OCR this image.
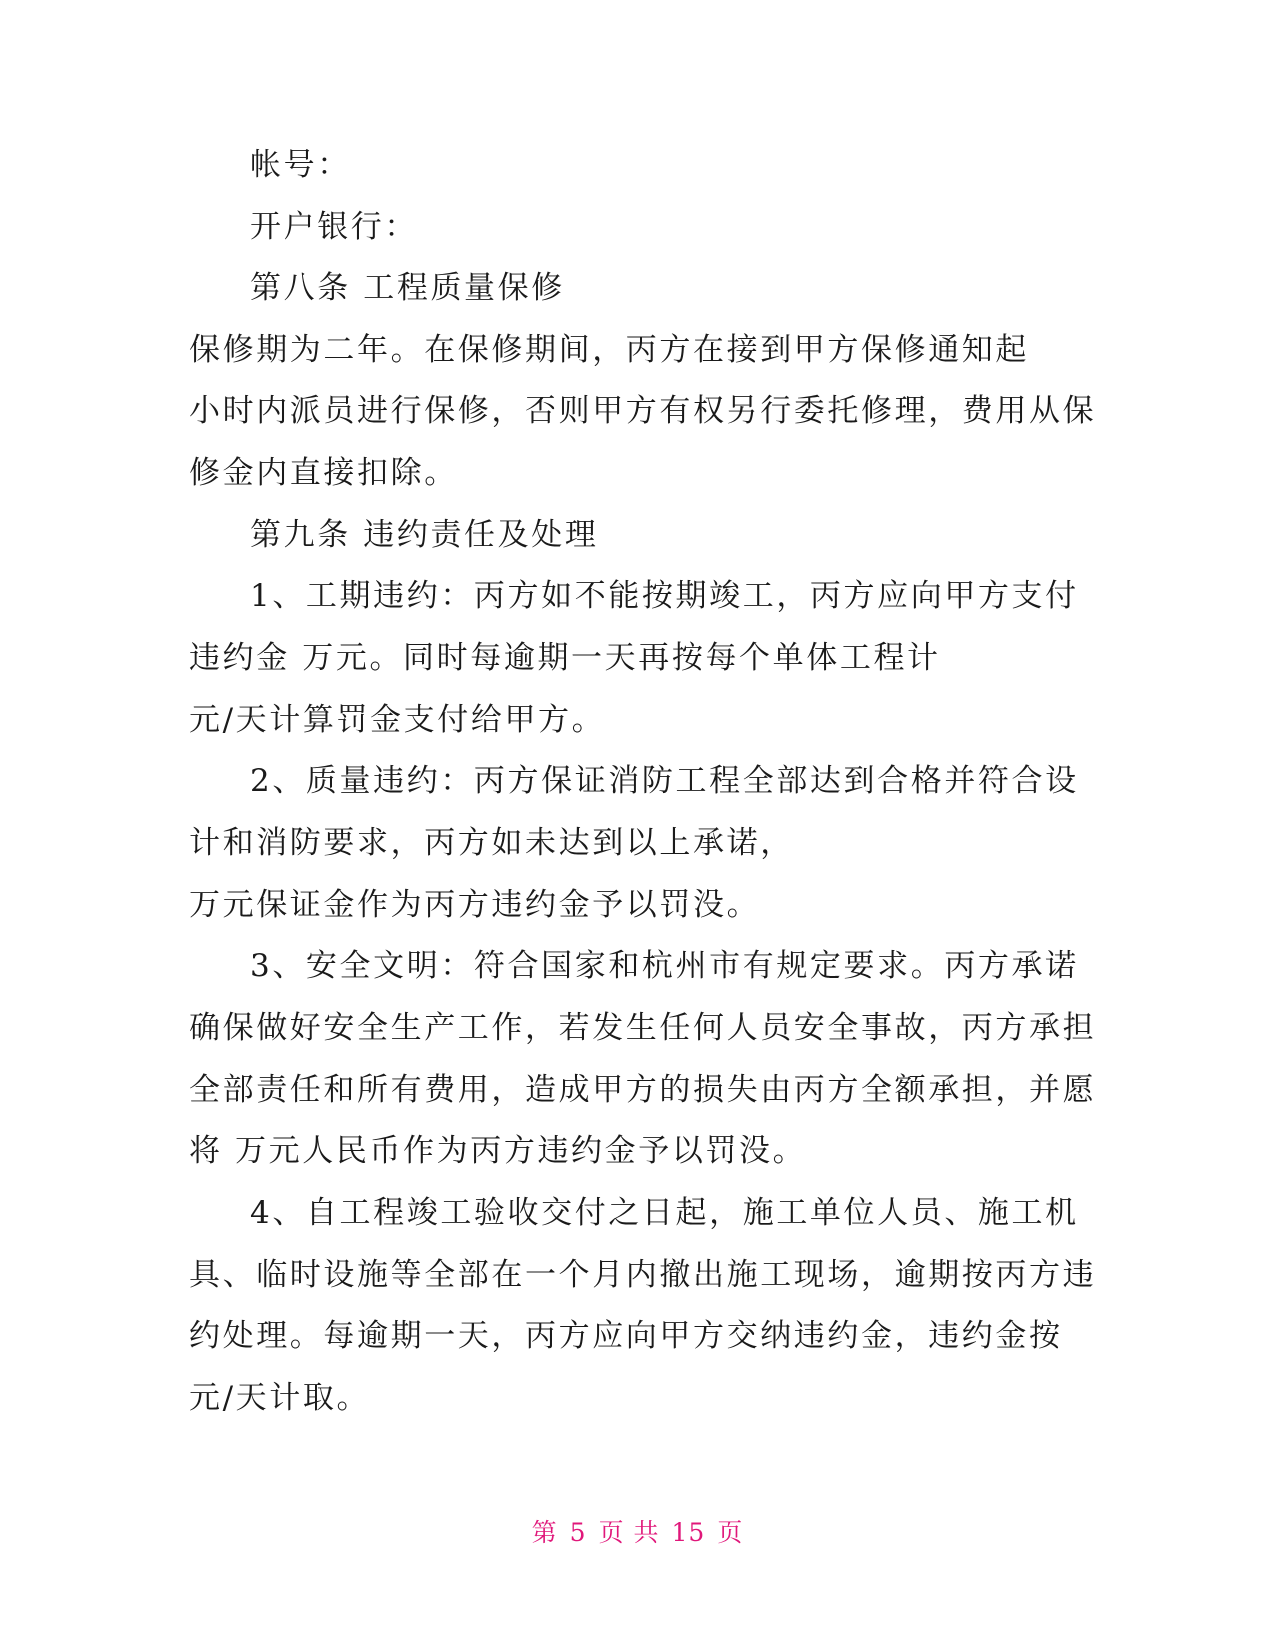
帐号：
开户银行：
第八条 工程质量保修
保修期为二年。在保修期间，丙方在接到甲方保修通知起
小时内派员进行保修，否则甲方有权另行委托修理，费用从保
修金内直接扣除。
第九条 违约责任及处理
1、工期违约：丙方如不能按期竣工，丙方应向甲方支付
违约金 万元。同时每逾期一天再按每个单体工程计
元/天计算罚金支付给甲方。
2、质量违约：丙方保证消防工程全部达到合格并符合设
计和消防要求，丙方如未达到以上承诺，
万元保证金作为丙方违约金予以罚没。
3、安全文明：符合国家和杭州市有规定要求。丙方承诺
确保做好安全生产工作，若发生任何人员安全事故，丙方承担
全部责任和所有费用，造成甲方的损失由丙方全额承担，并愿
将 万元人民币作为丙方违约金予以罚没。
4、自工程竣工验收交付之日起，施工单位人员、施工机
具、临时设施等全部在一个月内撤出施工现场，逾期按丙方违
约处理。每逾期一天，丙方应向甲方交纳违约金，违约金按
元/天计取。
第 5 页 共 15 页
